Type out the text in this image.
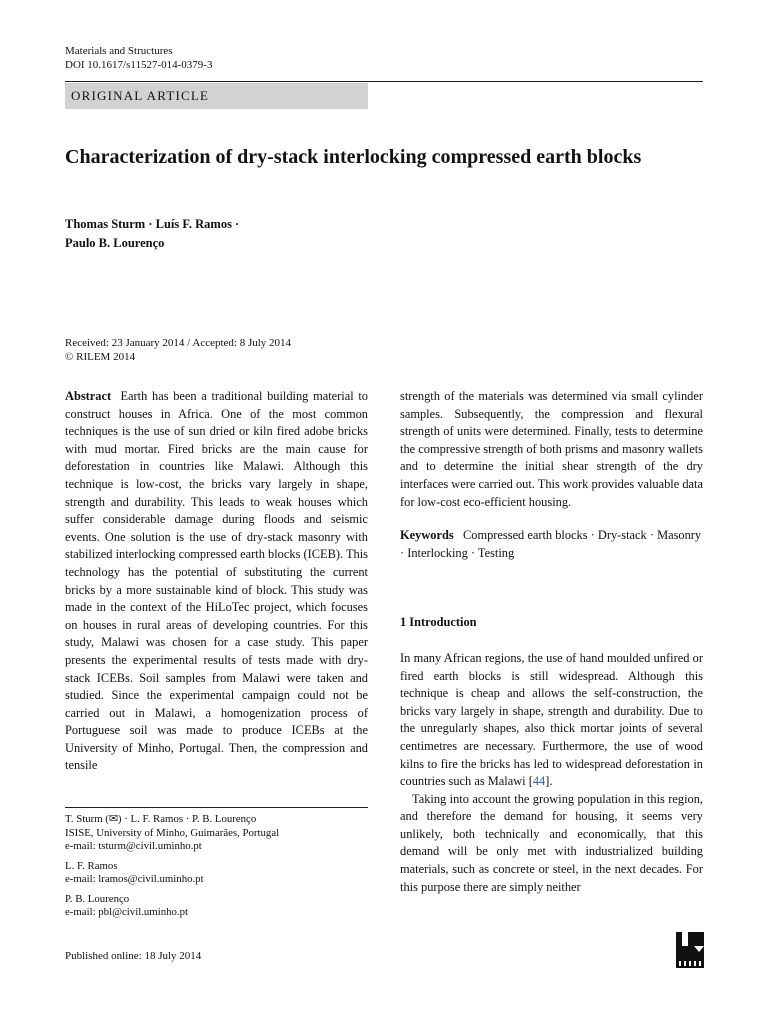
Materials and Structures
DOI 10.1617/s11527-014-0379-3
ORIGINAL ARTICLE
Characterization of dry-stack interlocking compressed earth blocks
Thomas Sturm · Luís F. Ramos ·
Paulo B. Lourenço
Received: 23 January 2014 / Accepted: 8 July 2014
© RILEM 2014

Abstract Earth has been a traditional building material to construct houses in Africa. One of the most common techniques is the use of sun dried or kiln fired adobe bricks with mud mortar. Fired bricks are the main cause for deforestation in countries like Malawi. Although this technique is low-cost, the bricks vary largely in shape, strength and durability. This leads to weak houses which suffer considerable damage during floods and seismic events. One solution is the use of dry-stack masonry with stabilized interlocking compressed earth blocks (ICEB). This technology has the potential of substituting the current bricks by a more sustainable kind of block. This study was made in the context of the HiLoTec project, which focuses on houses in rural areas of developing countries. For this study, Malawi was chosen for a case study. This paper presents the experimental results of tests made with dry-stack ICEBs. Soil samples from Malawi were taken and studied. Since the experimental campaign could not be carried out in Malawi, a homogenization process of Portuguese soil was made to produce ICEBs at the University of Minho, Portugal. Then, the compression and tensile

T. Sturm (✉) · L. F. Ramos · P. B. Lourenço
ISISE, University of Minho, Guimarães, Portugal
e-mail: tsturm@civil.uminho.pt
L. F. Ramos
e-mail: lramos@civil.uminho.pt
P. B. Lourenço
e-mail: pbl@civil.uminho.pt
Published online: 18 July 2014

strength of the materials was determined via small cylinder samples. Subsequently, the compression and flexural strength of units were determined. Finally, tests to determine the compressive strength of both prisms and masonry wallets and to determine the initial shear strength of the dry interfaces were carried out. This work provides valuable data for low-cost eco-efficient housing.

Keywords Compressed earth blocks · Dry-stack · Masonry · Interlocking · Testing

1 Introduction

In many African regions, the use of hand moulded unfired or fired earth blocks is still widespread. Although this technique is cheap and allows the self-construction, the bricks vary largely in shape, strength and durability. Due to the unregularly shapes, also thick mortar joints of several centimetres are necessary. Furthermore, the use of wood kilns to fire the bricks has led to widespread deforestation in countries such as Malawi [44].

Taking into account the growing population in this region, and therefore the demand for housing, it seems very unlikely, both technically and economically, that this demand will be only met with industrialized building materials, such as concrete or steel, in the next decades. For this purpose there are simply neither
